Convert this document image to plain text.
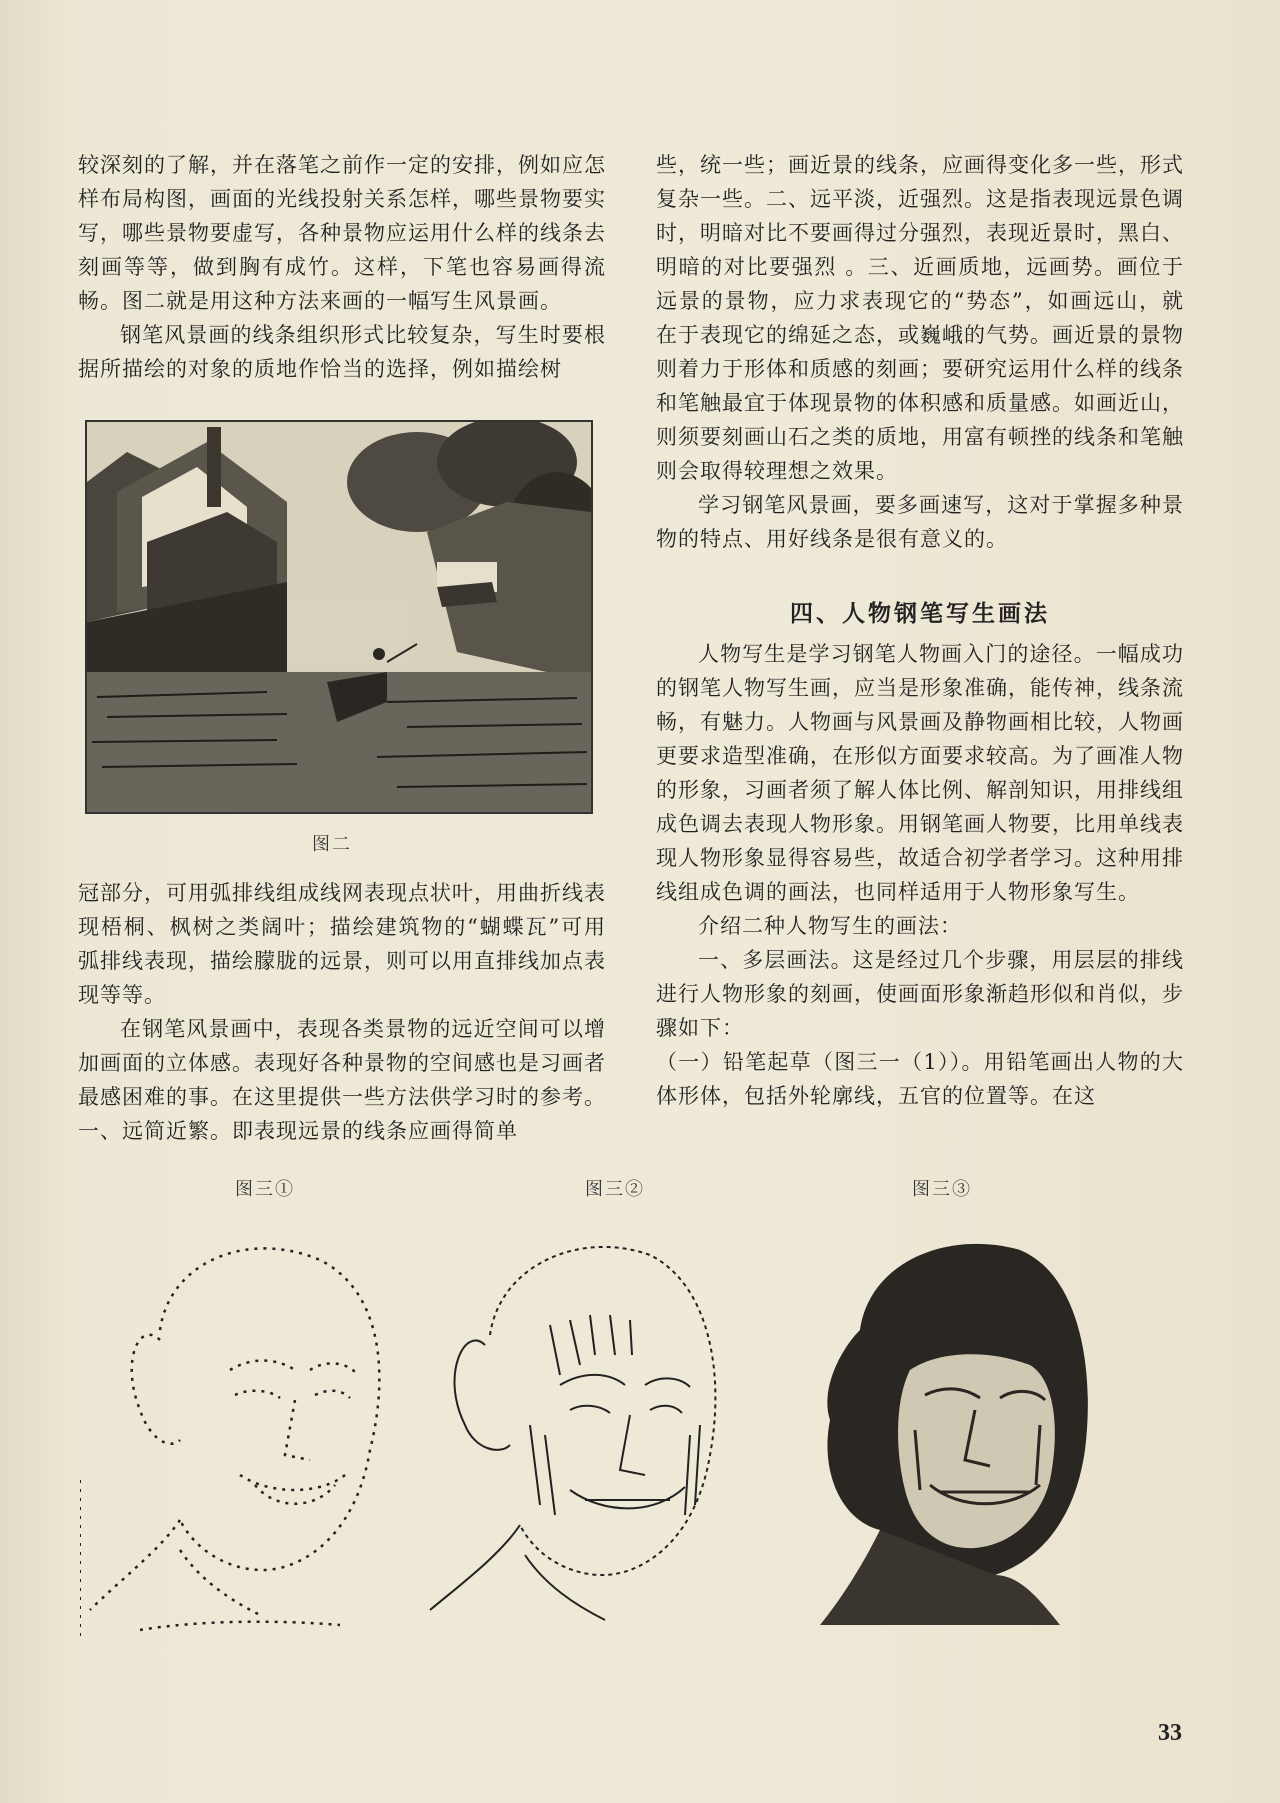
较深刻的了解，并在落笔之前作一定的安排，例如应怎样布局构图，画面的光线投射关系怎样，哪些景物要实写，哪些景物要虚写，各种景物应运用什么样的线条去刻画等等，做到胸有成竹。这样，下笔也容易画得流畅。图二就是用这种方法来画的一幅写生风景画。

钢笔风景画的线条组织形式比较复杂，写生时要根据所描绘的对象的质地作恰当的选择，例如描绘树

图二

冠部分，可用弧排线组成线网表现点状叶，用曲折线表现梧桐、枫树之类阔叶；描绘建筑物的“蝴蝶瓦”可用弧排线表现，描绘朦胧的远景，则可以用直排线加点表现等等。

在钢笔风景画中，表现各类景物的远近空间可以增加画面的立体感。表现好各种景物的空间感也是习画者最感困难的事。在这里提供一些方法供学习时的参考。一、远简近繁。即表现远景的线条应画得简单

些，统一些；画近景的线条，应画得变化多一些，形式复杂一些。二、远平淡，近强烈。这是指表现远景色调时，明暗对比不要画得过分强烈，表现近景时，黑白、明暗的对比要强烈 。三、近画质地，远画势。画位于远景的景物，应力求表现它的“势态”，如画远山，就在于表现它的绵延之态，或巍峨的气势。画近景的景物则着力于形体和质感的刻画；要研究运用什么样的线条和笔触最宜于体现景物的体积感和质量感。如画近山，则须要刻画山石之类的质地，用富有顿挫的线条和笔触则会取得较理想之效果。

学习钢笔风景画，要多画速写，这对于掌握多种景物的特点、用好线条是很有意义的。

四、人物钢笔写生画法

人物写生是学习钢笔人物画入门的途径。一幅成功的钢笔人物写生画，应当是形象准确，能传神，线条流畅，有魅力。人物画与风景画及静物画相比较，人物画更要求造型准确，在形似方面要求较高。为了画准人物的形象，习画者须了解人体比例、解剖知识，用排线组成色调去表现人物形象。用钢笔画人物要，比用单线表现人物形象显得容易些，故适合初学者学习。这种用排线组成色调的画法，也同样适用于人物形象写生。

介绍二种人物写生的画法：

一、多层画法。这是经过几个步骤，用层层的排线进行人物形象的刻画，使画面形象渐趋形似和肖似，步骤如下：

（一）铅笔起草（图三一（1））。用铅笔画出人物的大体形体，包括外轮廓线，五官的位置等。在这

图三①	图三②	图三③
33
